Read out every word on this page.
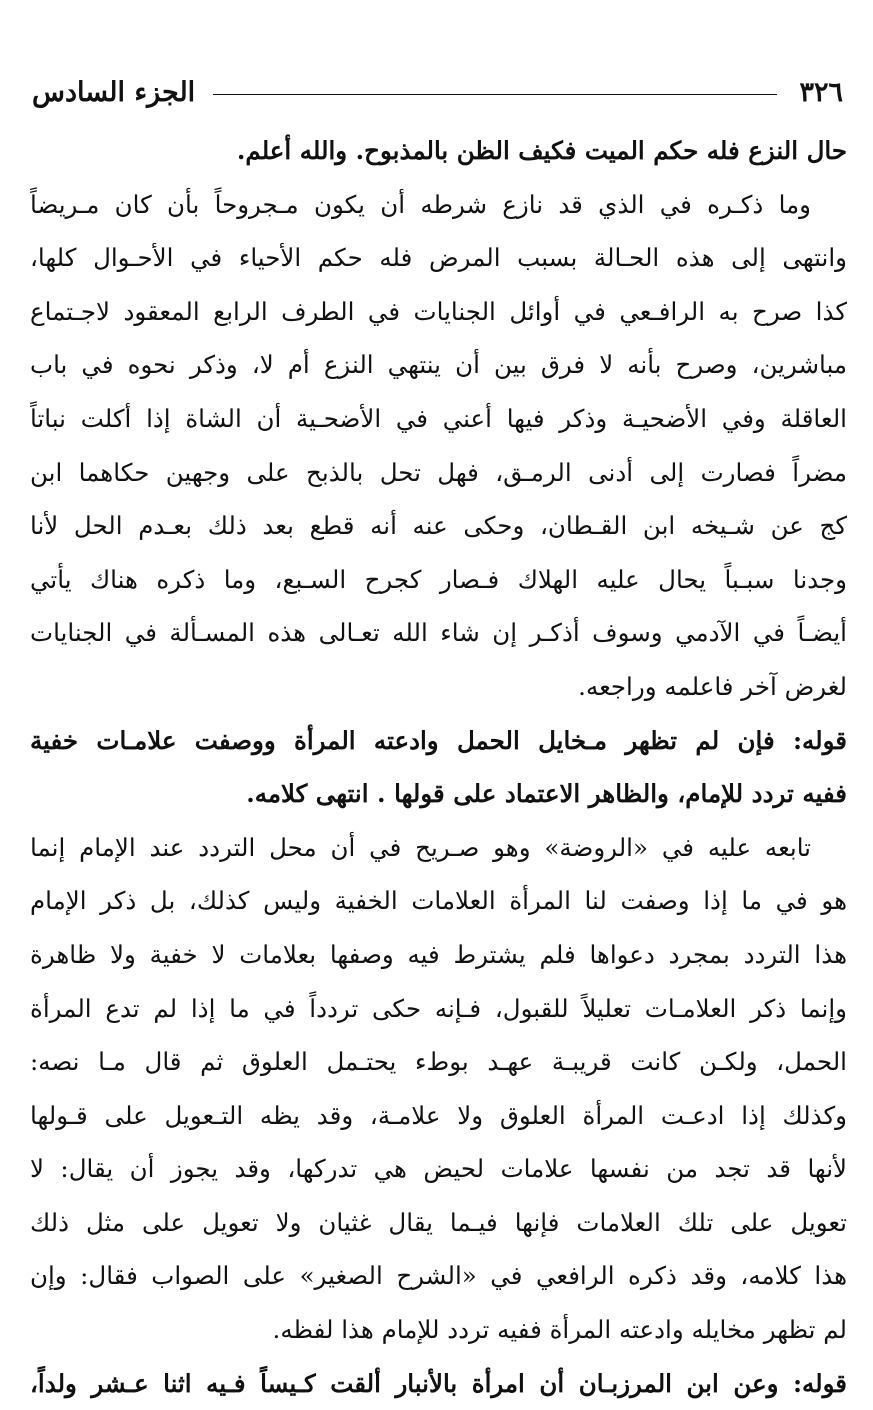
٣٢٦
الجزء السادس
حال النزع فله حكم الميت فكيف الظن بالمذبوح. والله أعلم.
وما ذكـره في الذي قد نازع شرطه أن يكون مـجروحاً بأن كان مـريضاً
وانتهى إلى هذه الحـالة بسبب المرض فله حكم الأحياء في الأحـوال كلها،
كذا صرح به الرافـعي في أوائل الجنايات في الطرف الرابع المعقود لاجـتماع
مباشرين، وصرح بأنه لا فرق بين أن ينتهي النزع أم لا، وذكر نحوه في باب
العاقلة وفي الأضحيـة وذكر فيها أعني في الأضحـية أن الشاة إذا أكلت نباتاً
مضراً فصارت إلى أدنى الرمـق، فهل تحل بالذبح على وجهين حكاهما ابن
كج عن شـيخه ابن القـطان، وحكى عنه أنه قطع بعد ذلك بعـدم الحل لأنا
وجدنا سبـباً يحال عليه الهلاك فـصار كجرح السـبع، وما ذكره هناك يأتي
أيضـاً في الآدمي وسوف أذكـر إن شاء الله تعـالى هذه المسـألة في الجنايات
لغرض آخر فاعلمه وراجعه.
قوله: فإن لم تظهر مـخايل الحمل وادعته المرأة ووصفت علامـات خفية
ففيه تردد للإمام، والظاهر الاعتماد على قولها . انتهى كلامه.
تابعه عليه في «الروضة» وهو صـريح في أن محل التردد عند الإمام إنما
هو في ما إذا وصفت لنا المرأة العلامات الخفية وليس كذلك، بل ذكر الإمام
هذا التردد بمجرد دعواها فلم يشترط فيه وصفها بعلامات لا خفية ولا ظاهرة
وإنما ذكر العلامـات تعليلاً للقبول، فـإنه حكى تردداً في ما إذا لم تدع المرأة
الحمل، ولكـن كانت قريبـة عهـد بوطء يحتـمل العلوق ثم قال مـا نصه:
وكذلك إذا ادعـت المرأة العلوق ولا علامـة، وقد يظه التـعويل على قـولها
لأنها قد تجد من نفسها علامات لحيض هي تدركها، وقد يجوز أن يقال: لا
تعويل على تلك العلامات فإنها فيـما يقال غثيان ولا تعويل على مثل ذلك
هذا كلامه، وقد ذكره الرافعي في «الشرح الصغير» على الصواب فقال: وإن
لم تظهر مخايله وادعته المرأة ففيه تردد للإمام هذا لفظه.
قوله: وعن ابن المرزبـان أن امرأة بالأنبار ألقت كـيساً فـيه اثنا عـشر ولداً،
